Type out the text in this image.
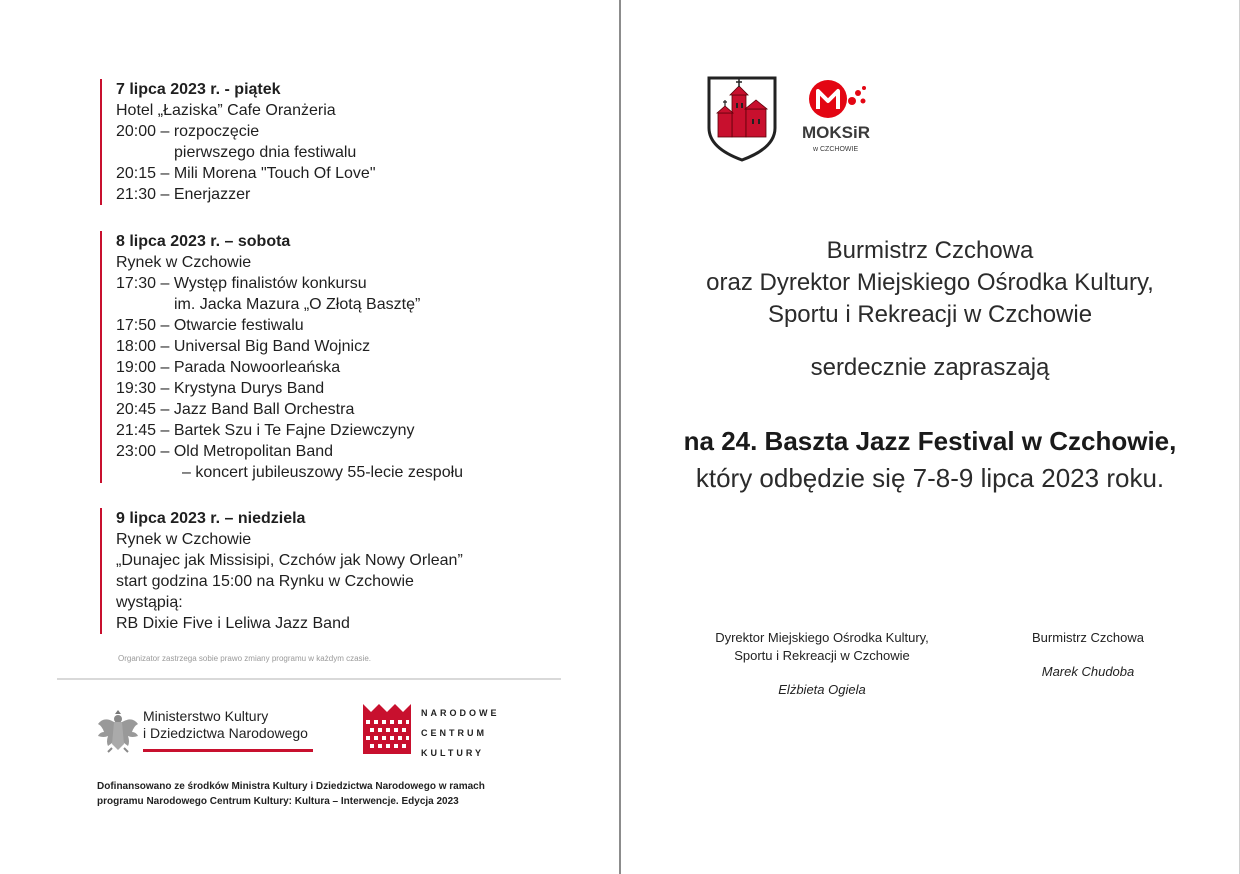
7 lipca 2023 r. - piątek
Hotel „Łaziska” Cafe Oranżeria
20:00 – rozpoczęcie
pierwszego dnia festiwalu
20:15 – Mili Morena "Touch Of Love"
21:30 – Enerjazzer
8 lipca 2023 r. – sobota
Rynek w Czchowie
17:30 – Występ finalistów konkursu
im. Jacka Mazura „O Złotą Basztę”
17:50 – Otwarcie festiwalu
18:00 – Universal Big Band Wojnicz
19:00 – Parada Nowoorleańska
19:30 – Krystyna Durys Band
20:45 – Jazz Band Ball Orchestra
21:45 – Bartek Szu i Te Fajne Dziewczyny
23:00 – Old Metropolitan Band
– koncert jubileuszowy 55-lecie zespołu
9 lipca 2023 r. – niedziela
Rynek w Czchowie
„Dunajec jak Missisipi, Czchów jak Nowy Orlean”
start godzina 15:00 na Rynku w Czchowie
wystąpią:
RB Dixie Five i Leliwa Jazz Band
Organizator zastrzega sobie prawo zmiany programu w każdym czasie.
Ministerstwo Kultury
i Dziedzictwa Narodowego
NARODOWE
CENTRUM
KULTURY
Dofinansowano ze środków Ministra Kultury i Dziedzictwa Narodowego w ramach
programu Narodowego Centrum Kultury: Kultura – Interwencje. Edycja 2023
MOKSiR
w CZCHOWIE
Burmistrz Czchowa
oraz Dyrektor Miejskiego Ośrodka Kultury,
Sportu i Rekreacji w Czchowie
serdecznie zapraszają
na 24. Baszta Jazz Festival w Czchowie,
który odbędzie się 7-8-9 lipca 2023 roku.
Dyrektor Miejskiego Ośrodka Kultury,
Sportu i Rekreacji w Czchowie
Elżbieta Ogiela
Burmistrz Czchowa
Marek Chudoba
